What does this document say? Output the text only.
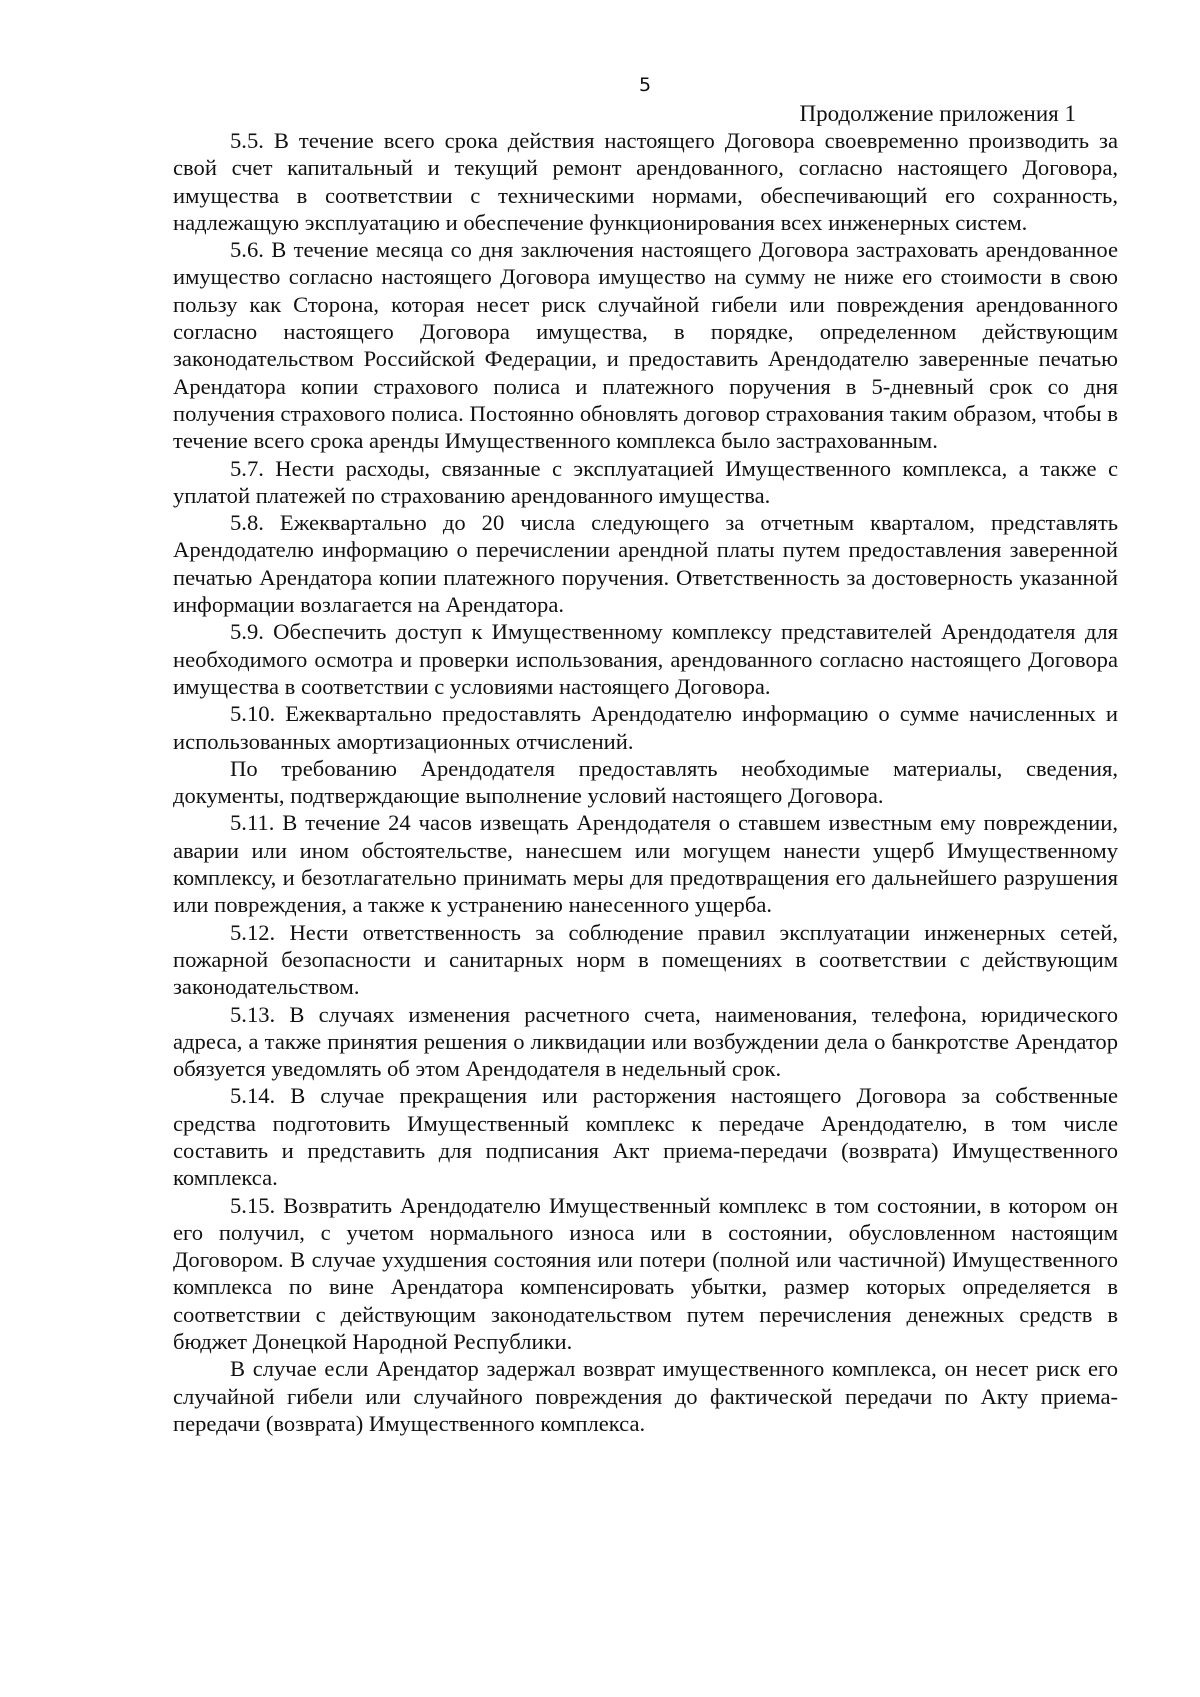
5
Продолжение приложения 1

5.5. В течение всего срока действия настоящего Договора своевременно производить за свой счет капитальный и текущий ремонт арендованного, согласно настоящего Договора, имущества в соответствии с техническими нормами, обеспечивающий его сохранность, надлежащую эксплуатацию и обеспечение функционирования всех инженерных систем.

5.6. В течение месяца со дня заключения настоящего Договора застраховать арендованное имущество согласно настоящего Договора имущество на сумму не ниже его стоимости в свою пользу как Сторона, которая несет риск случайной гибели или повреждения арендованного согласно настоящего Договора имущества, в порядке, определенном действующим законодательством Российской Федерации, и предоставить Арендодателю заверенные печатью Арендатора копии страхового полиса и платежного поручения в 5-дневный срок со дня получения страхового полиса. Постоянно обновлять договор страхования таким образом, чтобы в течение всего срока аренды Имущественного комплекса было застрахованным.

5.7. Нести расходы, связанные с эксплуатацией Имущественного комплекса, а также с уплатой платежей по страхованию арендованного имущества.

5.8. Ежеквартально до 20 числа следующего за отчетным кварталом, представлять Арендодателю информацию о перечислении арендной платы путем предоставления заверенной печатью Арендатора копии платежного поручения. Ответственность за достоверность указанной информации возлагается на Арендатора.

5.9. Обеспечить доступ к Имущественному комплексу представителей Арендодателя для необходимого осмотра и проверки использования, арендованного согласно настоящего Договора имущества в соответствии с условиями настоящего Договора.

5.10. Ежеквартально предоставлять Арендодателю информацию о сумме начисленных и использованных амортизационных отчислений.

По требованию Арендодателя предоставлять необходимые материалы, сведения, документы, подтверждающие выполнение условий настоящего Договора.

5.11. В течение 24 часов извещать Арендодателя о ставшем известным ему повреждении, аварии или ином обстоятельстве, нанесшем или могущем нанести ущерб Имущественному комплексу, и безотлагательно принимать меры для предотвращения его дальнейшего разрушения или повреждения, а также к устранению нанесенного ущерба.

5.12. Нести ответственность за соблюдение правил эксплуатации инженерных сетей, пожарной безопасности и санитарных норм в помещениях в соответствии с действующим законодательством.

5.13. В случаях изменения расчетного счета, наименования, телефона, юридического адреса, а также принятия решения о ликвидации или возбуждении дела о банкротстве Арендатор обязуется уведомлять об этом Арендодателя в недельный срок.

5.14. В случае прекращения или расторжения настоящего Договора за собственные средства подготовить Имущественный комплекс к передаче Арендодателю, в том числе составить и представить для подписания Акт приема-передачи (возврата) Имущественного комплекса.

5.15. Возвратить Арендодателю Имущественный комплекс в том состоянии, в котором он его получил, с учетом нормального износа или в состоянии, обусловленном настоящим Договором. В случае ухудшения состояния или потери (полной или частичной) Имущественного комплекса по вине Арендатора компенсировать убытки, размер которых определяется в соответствии с действующим законодательством путем перечисления денежных средств в бюджет Донецкой Народной Республики.

В случае если Арендатор задержал возврат имущественного комплекса, он несет риск его случайной гибели или случайного повреждения до фактической передачи по Акту приема-передачи (возврата) Имущественного комплекса.
